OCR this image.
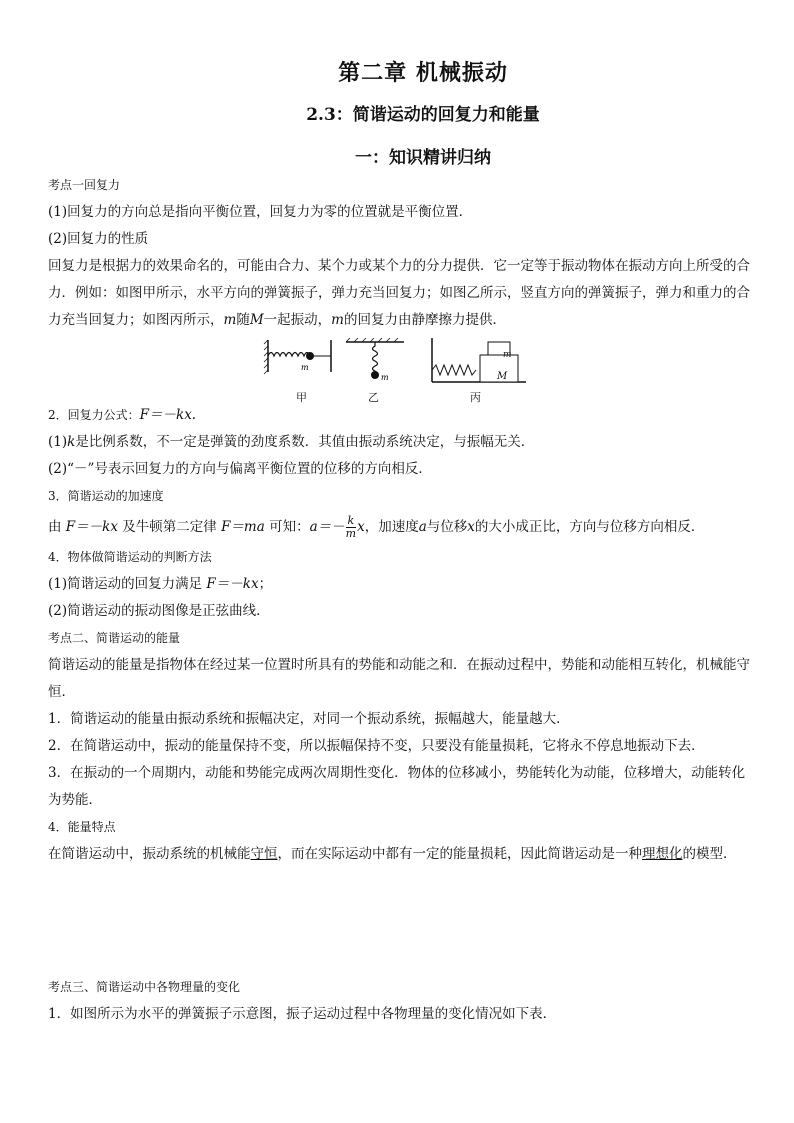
第二章 机械振动
2.3：简谐运动的回复力和能量
一：知识精讲归纳

考点一回复力

(1)回复力的方向总是指向平衡位置，回复力为零的位置就是平衡位置．

(2)回复力的性质

回复力是根据力的效果命名的，可能由合力、某个力或某个力的分力提供．它一定等于振动物体在振动方向上所受的合力．例如：如图甲所示，水平方向的弹簧振子，弹力充当回复力；如图乙所示，竖直方向的弹簧振子，弹力和重力的合力充当回复力；如图丙所示，m随M一起振动，m的回复力由静摩擦力提供．

m
m
m
M
甲	乙	丙

2．回复力公式：F＝－kx.

(1)k是比例系数，不一定是弹簧的劲度系数．其值由振动系统决定，与振幅无关．

(2)“－”号表示回复力的方向与偏离平衡位置的位移的方向相反．

3．简谐运动的加速度

由 F＝－kx 及牛顿第二定律 F＝ma 可知：$a=- \frac{k}{m}$ x，加速度a与位移x的大小成正比，方向与位移方向相反．

4．物体做简谐运动的判断方法

(1)简谐运动的回复力满足 F＝－kx；

(2)简谐运动的振动图像是正弦曲线．

考点二、简谐运动的能量

简谐运动的能量是指物体在经过某一位置时所具有的势能和动能之和．在振动过程中，势能和动能相互转化，机械能守恒．

1．简谐运动的能量由振动系统和振幅决定，对同一个振动系统，振幅越大，能量越大．

2．在简谐运动中，振动的能量保持不变，所以振幅保持不变，只要没有能量损耗，它将永不停息地振动下去．

3．在振动的一个周期内，动能和势能完成两次周期性变化．物体的位移减小，势能转化为动能，位移增大，动能转化为势能．

4．能量特点

在简谐运动中，振动系统的机械能守恒，而在实际运动中都有一定的能量损耗，因此简谐运动是一种理想化的模型．

考点三、简谐运动中各物理量的变化

1．如图所示为水平的弹簧振子示意图，振子运动过程中各物理量的变化情况如下表．
